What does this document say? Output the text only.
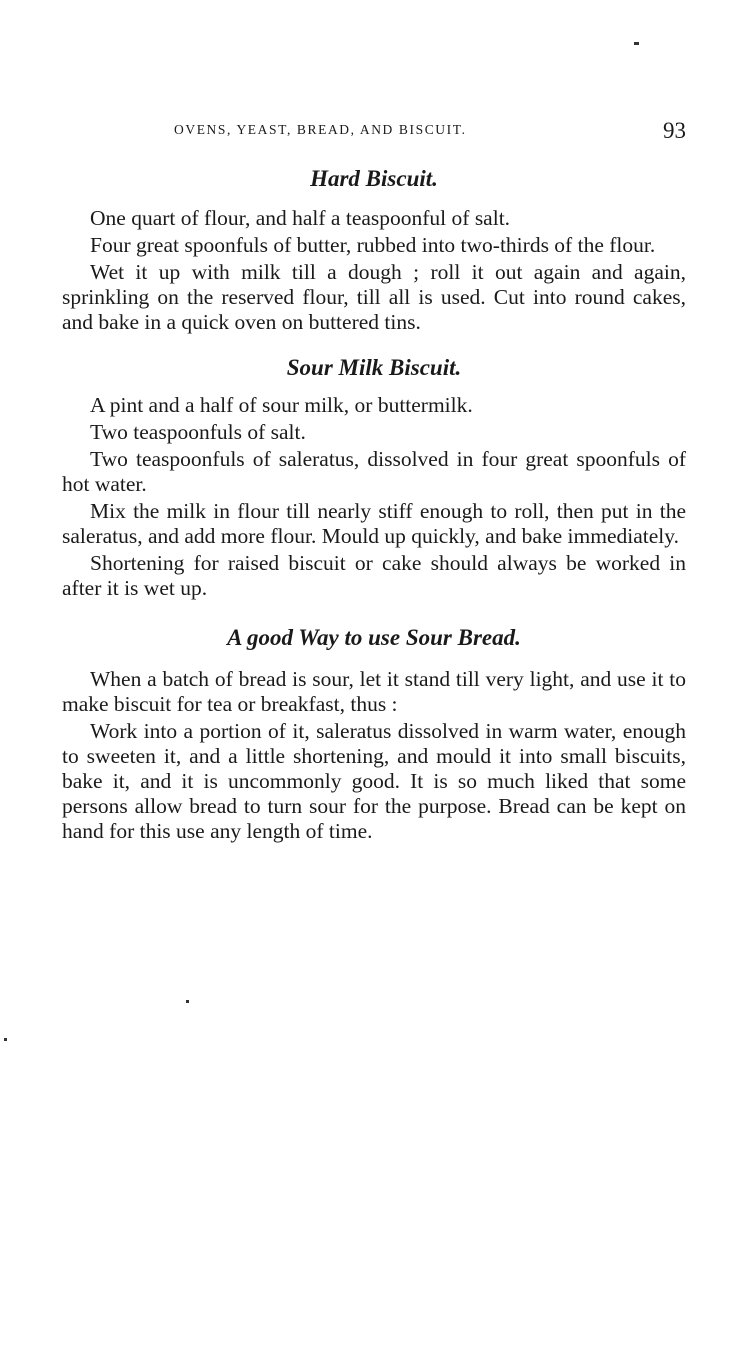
OVENS, YEAST, BREAD, AND BISCUIT.	93
Hard Biscuit.

One quart of flour, and half a teaspoonful of salt.

Four great spoonfuls of butter, rubbed into two-thirds of the flour.

Wet it up with milk till a dough ; roll it out again and again, sprinkling on the reserved flour, till all is used. Cut into round cakes, and bake in a quick oven on buttered tins.

Sour Milk Biscuit.

A pint and a half of sour milk, or buttermilk.

Two teaspoonfuls of salt.

Two teaspoonfuls of saleratus, dissolved in four great spoonfuls of hot water.

Mix the milk in flour till nearly stiff enough to roll, then put in the saleratus, and add more flour. Mould up quickly, and bake immediately.

Shortening for raised biscuit or cake should always be worked in after it is wet up.

A good Way to use Sour Bread.

When a batch of bread is sour, let it stand till very light, and use it to make biscuit for tea or breakfast, thus :

Work into a portion of it, saleratus dissolved in warm water, enough to sweeten it, and a little shortening, and mould it into small biscuits, bake it, and it is uncommonly good. It is so much liked that some persons allow bread to turn sour for the purpose. Bread can be kept on hand for this use any length of time.
